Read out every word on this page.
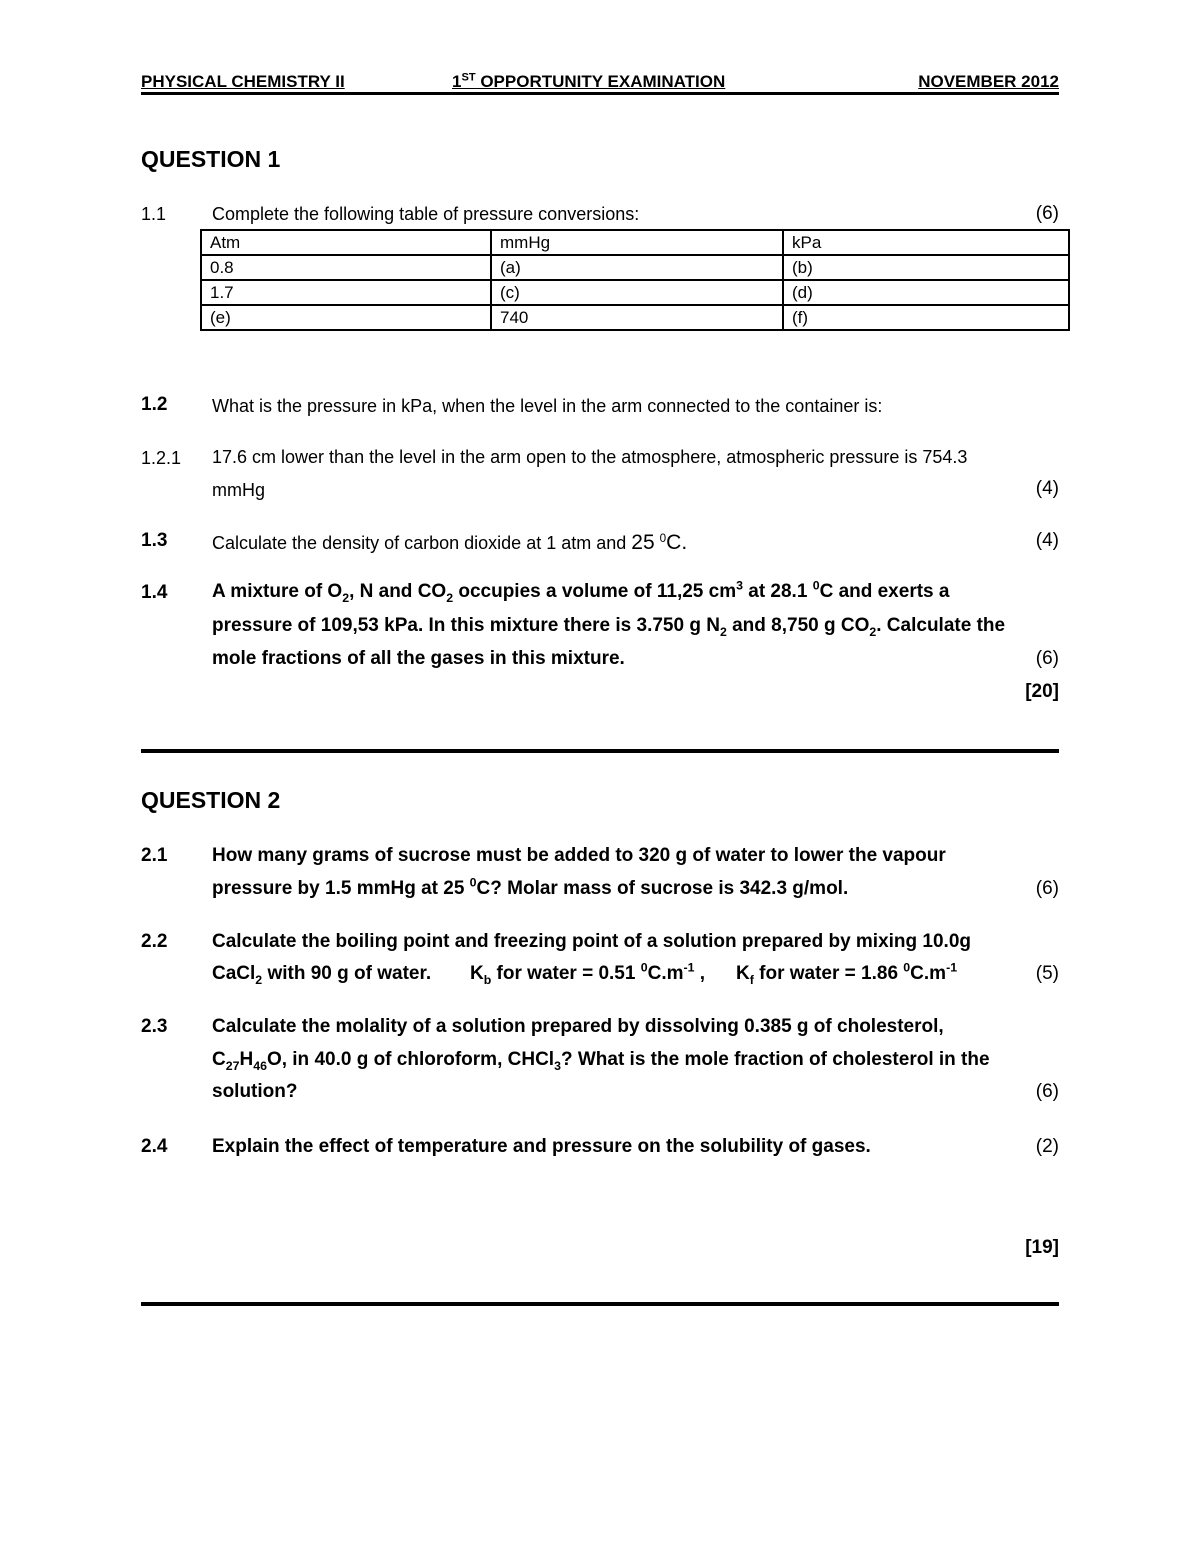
PHYSICAL CHEMISTRY II	1ST OPPORTUNITY EXAMINATION	NOVEMBER 2012
QUESTION 1
1.1	Complete the following table of pressure conversions:	(6)
Atm	mmHg	kPa
0.8	(a)	(b)
1.7	(c)	(d)
(e)	740	(f)
1.2 What is the pressure in kPa, when the level in the arm connected to the container is:
1.2.1 17.6 cm lower than the level in the arm open to the atmosphere, atmospheric pressure is 754.3
mmHg	(4)
1.3 Calculate the density of carbon dioxide at 1 atm and 25 $^0$C.	(4)
1.4 A mixture of $O_2$, N and $CO_2$ occupies a volume of 11,25 $cm^3$ at 28.1 $^0$C and exerts a
pressure of 109,53 kPa. In this mixture there is 3.750 g $N_2$ and 8,750 g $CO_2$. Calculate the
mole fractions of all the gases in this mixture.	(6)
[20]
QUESTION 2
2.1 How many grams of sucrose must be added to 320 g of water to lower the vapour
pressure by 1.5 mmHg at 25 $^0$C? Molar mass of sucrose is 342.3 g/mol.	(6)
2.2 Calculate the boiling point and freezing point of a solution prepared by mixing 10.0g
CaCl$_2$ with 90 g of water. $K_b$ for water = 0.51 $^0C.m^{-1}$ , $K_f$ for water = 1.86 $^0C.m^{-1}$	(5)
2.3 Calculate the molality of a solution prepared by dissolving 0.385 g of cholesterol,
$C_{27}H_{46}O$, in 40.0 g of chloroform, CHCl$_3$? What is the mole fraction of cholesterol in the
solution?	(6)
2.4 Explain the effect of temperature and pressure on the solubility of gases.	(2)
[19]
